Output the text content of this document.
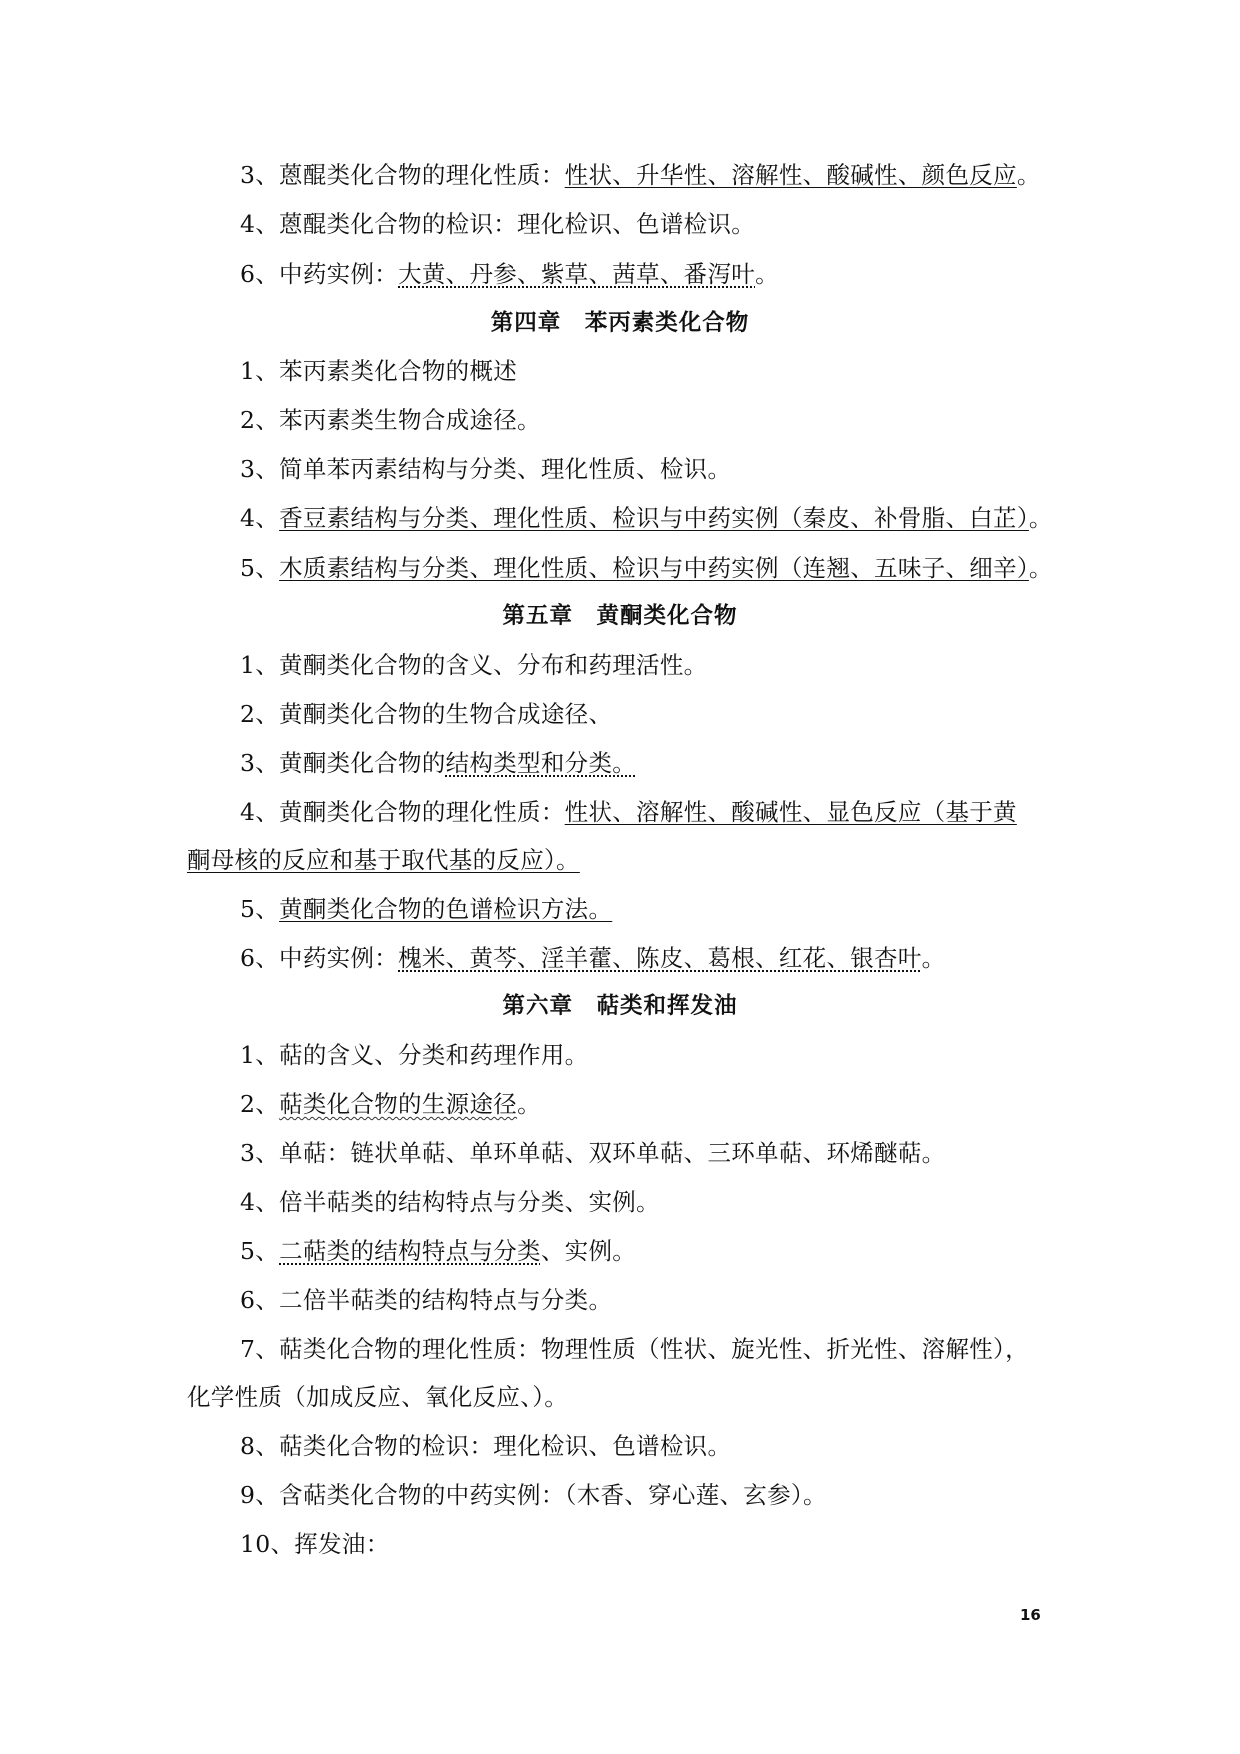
3、蒽醌类化合物的理化性质：性状、升华性、溶解性、酸碱性、颜色反应。
4、蒽醌类化合物的检识：理化检识、色谱检识。
6、中药实例：大黄、丹参、紫草、茜草、番泻叶。
第四章　苯丙素类化合物
1、苯丙素类化合物的概述
2、苯丙素类生物合成途径。
3、简单苯丙素结构与分类、理化性质、检识。
4、香豆素结构与分类、理化性质、检识与中药实例（秦皮、补骨脂、白芷）。
5、木质素结构与分类、理化性质、检识与中药实例（连翘、五味子、细辛）。
第五章　黄酮类化合物
1、黄酮类化合物的含义、分布和药理活性。
2、黄酮类化合物的生物合成途径、
3、黄酮类化合物的结构类型和分类。
4、黄酮类化合物的理化性质：性状、溶解性、酸碱性、显色反应（基于黄
酮母核的反应和基于取代基的反应）。
5、黄酮类化合物的色谱检识方法。
6、中药实例：槐米、黄芩、淫羊藿、陈皮、葛根、红花、银杏叶。
第六章　萜类和挥发油
1、萜的含义、分类和药理作用。
2、萜类化合物的生源途径。
3、单萜：链状单萜、单环单萜、双环单萜、三环单萜、环烯醚萜。
4、倍半萜类的结构特点与分类、实例。
5、二萜类的结构特点与分类、实例。
6、二倍半萜类的结构特点与分类。
7、萜类化合物的理化性质：物理性质（性状、旋光性、折光性、溶解性），
化学性质（加成反应、氧化反应、）。
8、萜类化合物的检识：理化检识、色谱检识。
9、含萜类化合物的中药实例：（木香、穿心莲、玄参）。
10、挥发油：
16
